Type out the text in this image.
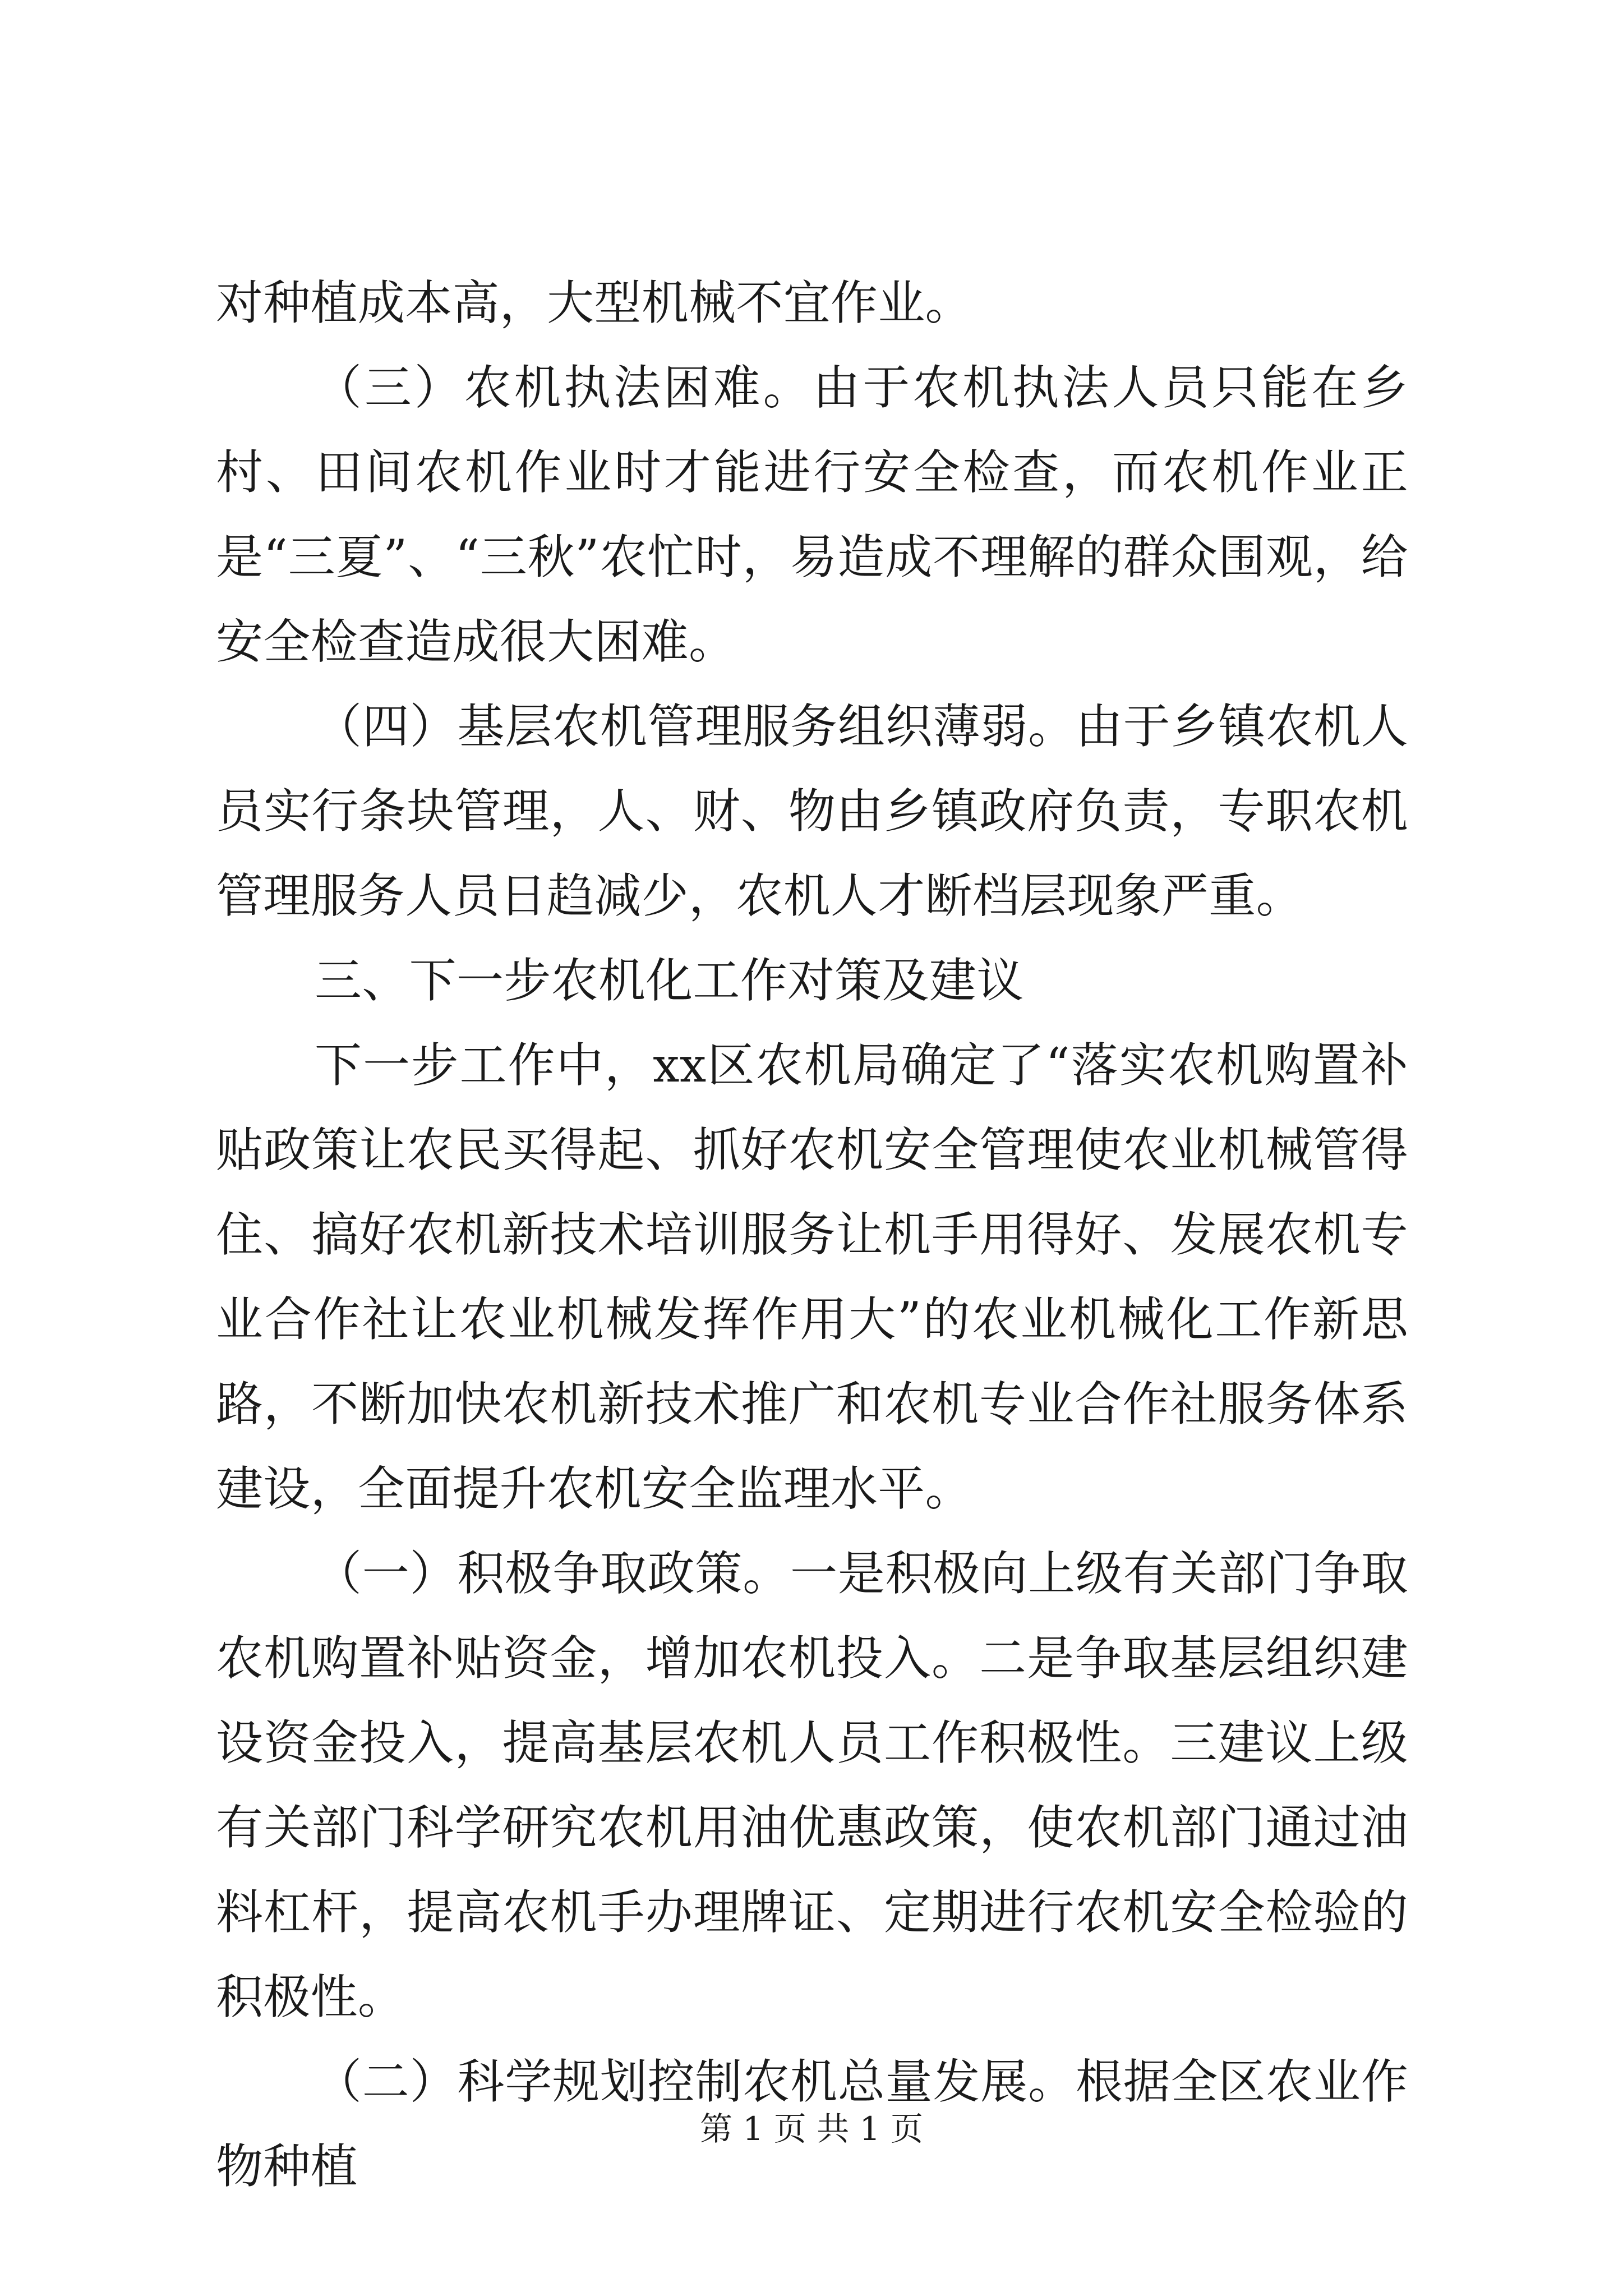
对种植成本高，大型机械不宜作业。

（三）农机执法困难。由于农机执法人员只能在乡村、田间农机作业时才能进行安全检查，而农机作业正是“三夏”、“三秋”农忙时，易造成不理解的群众围观，给安全检查造成很大困难。

（四）基层农机管理服务组织薄弱。由于乡镇农机人员实行条块管理，人、财、物由乡镇政府负责，专职农机管理服务人员日趋减少，农机人才断档层现象严重。

三、下一步农机化工作对策及建议

下一步工作中，xx区农机局确定了“落实农机购置补贴政策让农民买得起、抓好农机安全管理使农业机械管得住、搞好农机新技术培训服务让机手用得好、发展农机专业合作社让农业机械发挥作用大”的农业机械化工作新思路，不断加快农机新技术推广和农机专业合作社服务体系建设，全面提升农机安全监理水平。

（一）积极争取政策。一是积极向上级有关部门争取农机购置补贴资金，增加农机投入。二是争取基层组织建设资金投入，提高基层农机人员工作积极性。三建议上级有关部门科学研究农机用油优惠政策，使农机部门通过油料杠杆，提高农机手办理牌证、定期进行农机安全检验的积极性。

（二）科学规划控制农机总量发展。根据全区农业作物种植

第 1 页 共 1 页
